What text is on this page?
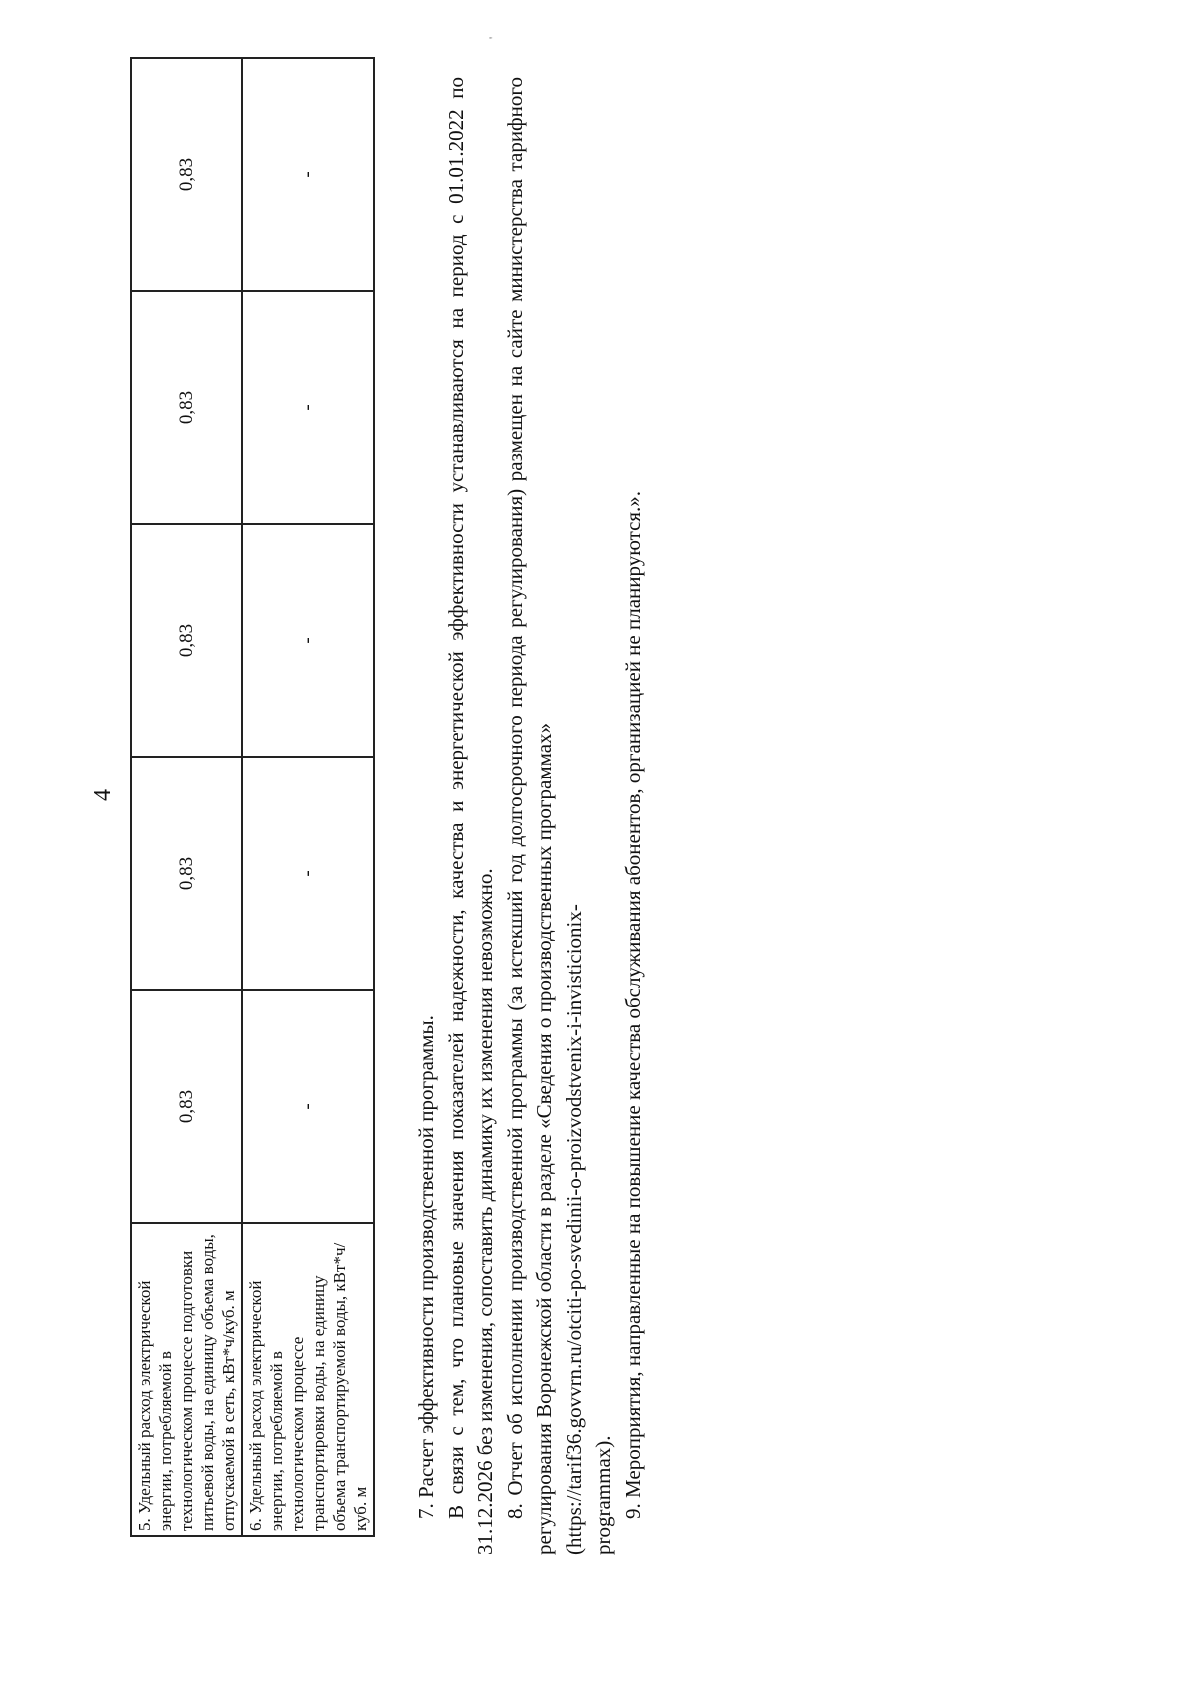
4
'
5. Удельный расход электрической энергии, потребляемой в технологическом процессе подготовки питьевой воды, на единицу объема воды, отпускаемой в сеть, кВт*ч/куб. м	0,83	0,83	0,83	0,83	0,83
6. Удельный расход электрической энергии, потребляемой в технологическом процессе транспортировки воды, на единицу объема транспортируемой воды, кВт*ч/куб. м	-	-	-	-	-

7. Расчет эффективности производственной программы. В связи с тем, что плановые значения показателей надежности, качества и энергетической эффективности устанавливаются на период с 01.01.2022 по 31.12.2026 без изменения, сопоставить динамику их изменения невозможно. 8. Отчет об исполнении производственной программы (за истекший год долгосрочного периода регулирования) размещен на сайте министерства тарифного регулирования Воронежской области в разделе «Сведения о производственных программах» (https://tarif36.govvrn.ru/otciti-po-svedinii-o-proizvodstvenix-i-invisticionix- programmax). 9. Мероприятия, направленные на повышение качества обслуживания абонентов, организацией не планируются.».
